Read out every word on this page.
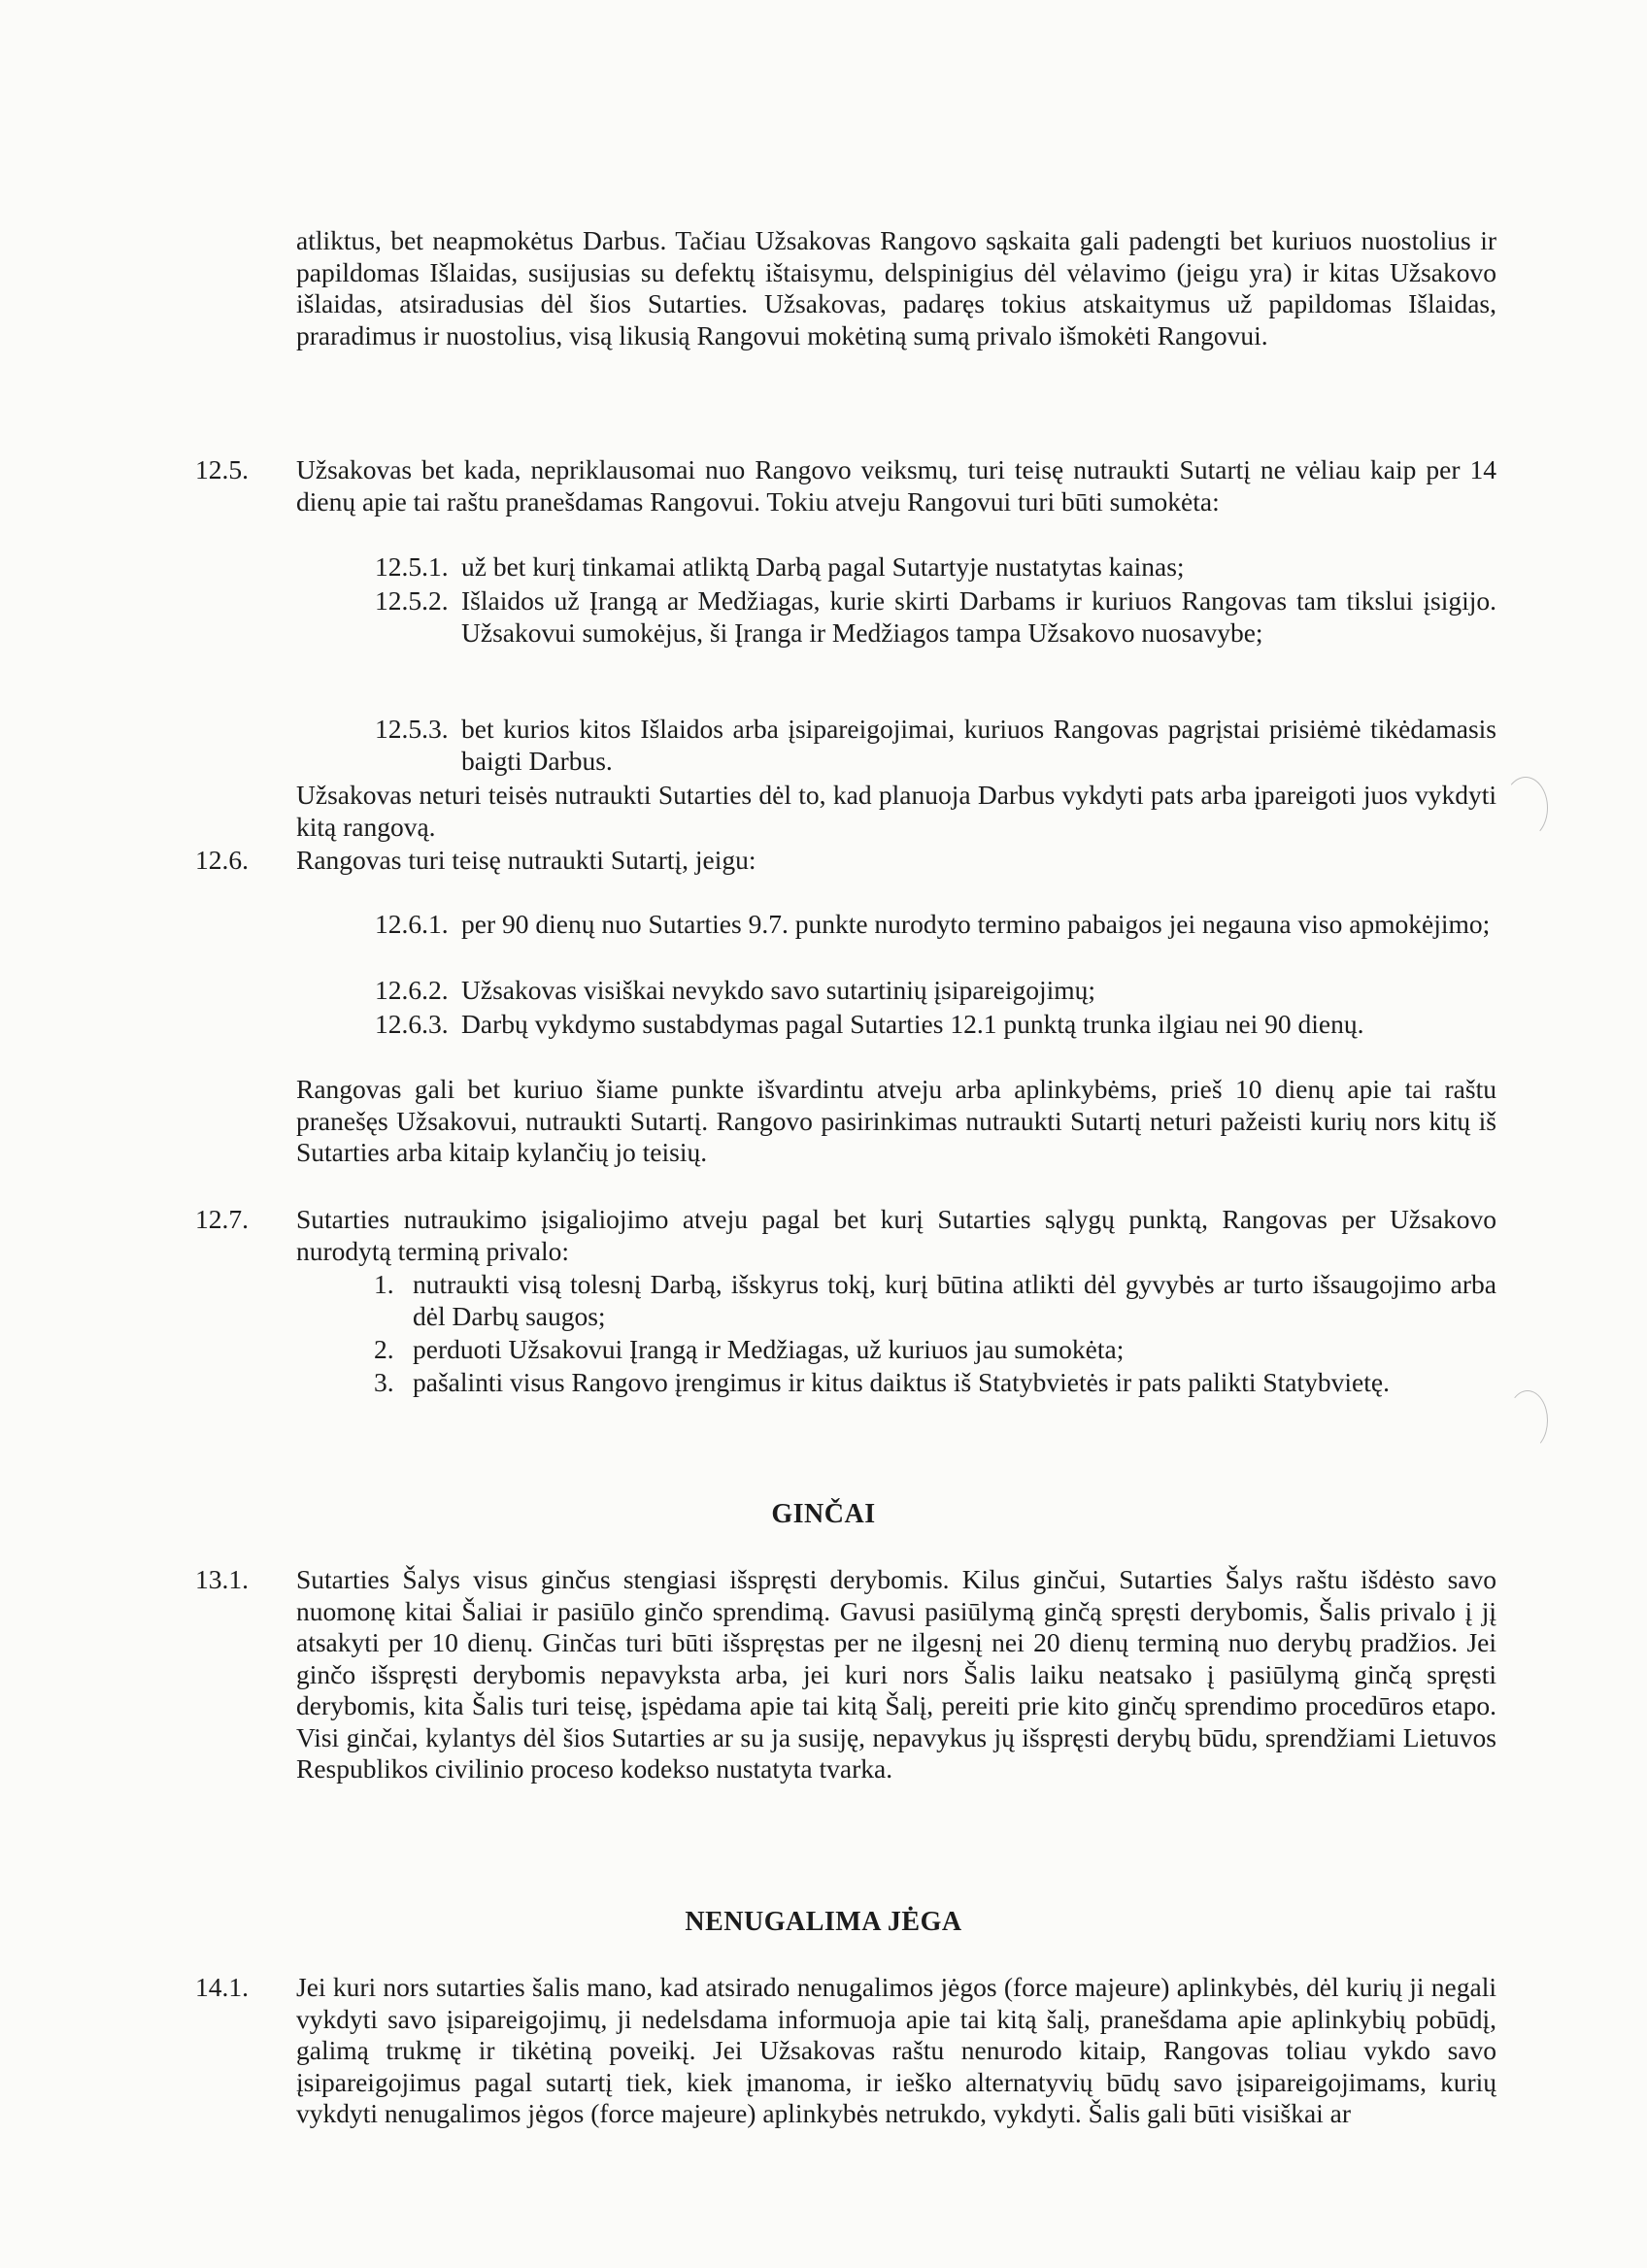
atliktus, bet neapmokėtus Darbus. Tačiau Užsakovas Rangovo sąskaita gali padengti bet kuriuos nuostolius ir papildomas Išlaidas, susijusias su defektų ištaisymu, delspinigius dėl vėlavimo (jeigu yra) ir kitas Užsakovo išlaidas, atsiradusias dėl šios Sutarties. Užsakovas, padaręs tokius atskaitymus už papildomas Išlaidas, praradimus ir nuostolius, visą likusią Rangovui mokėtiną sumą privalo išmokėti Rangovui.

12.5. Užsakovas bet kada, nepriklausomai nuo Rangovo veiksmų, turi teisę nutraukti Sutartį ne vėliau kaip per 14 dienų apie tai raštu pranešdamas Rangovui. Tokiu atveju Rangovui turi būti sumokėta:

12.5.1. už bet kurį tinkamai atliktą Darbą pagal Sutartyje nustatytas kainas;

12.5.2. Išlaidos už Įrangą ar Medžiagas, kurie skirti Darbams ir kuriuos Rangovas tam tikslui įsigijo. Užsakovui sumokėjus, ši Įranga ir Medžiagos tampa Užsakovo nuosavybe;

12.5.3. bet kurios kitos Išlaidos arba įsipareigojimai, kuriuos Rangovas pagrįstai prisiėmė tikėdamasis baigti Darbus.

Užsakovas neturi teisės nutraukti Sutarties dėl to, kad planuoja Darbus vykdyti pats arba įpareigoti juos vykdyti kitą rangovą.

12.6. Rangovas turi teisę nutraukti Sutartį, jeigu:

12.6.1. per 90 dienų nuo Sutarties 9.7. punkte nurodyto termino pabaigos jei negauna viso apmokėjimo;

12.6.2. Užsakovas visiškai nevykdo savo sutartinių įsipareigojimų;

12.6.3. Darbų vykdymo sustabdymas pagal Sutarties 12.1 punktą trunka ilgiau nei 90 dienų.

Rangovas gali bet kuriuo šiame punkte išvardintu atveju arba aplinkybėms, prieš 10 dienų apie tai raštu pranešęs Užsakovui, nutraukti Sutartį. Rangovo pasirinkimas nutraukti Sutartį neturi pažeisti kurių nors kitų iš Sutarties arba kitaip kylančių jo teisių.

12.7. Sutarties nutraukimo įsigaliojimo atveju pagal bet kurį Sutarties sąlygų punktą, Rangovas per Užsakovo nurodytą terminą privalo:

1. nutraukti visą tolesnį Darbą, išskyrus tokį, kurį būtina atlikti dėl gyvybės ar turto išsaugojimo arba dėl Darbų saugos;

2. perduoti Užsakovui Įrangą ir Medžiagas, už kuriuos jau sumokėta;

3. pašalinti visus Rangovo įrengimus ir kitus daiktus iš Statybvietės ir pats palikti Statybvietę.

GINČAI
13.1. Sutarties Šalys visus ginčus stengiasi išspręsti derybomis. Kilus ginčui, Sutarties Šalys raštu išdėsto savo nuomonę kitai Šaliai ir pasiūlo ginčo sprendimą. Gavusi pasiūlymą ginčą spręsti derybomis, Šalis privalo į jį atsakyti per 10 dienų. Ginčas turi būti išspręstas per ne ilgesnį nei 20 dienų terminą nuo derybų pradžios. Jei ginčo išspręsti derybomis nepavyksta arba, jei kuri nors Šalis laiku neatsako į pasiūlymą ginčą spręsti derybomis, kita Šalis turi teisę, įspėdama apie tai kitą Šalį, pereiti prie kito ginčų sprendimo procedūros etapo. Visi ginčai, kylantys dėl šios Sutarties ar su ja susiję, nepavykus jų išspręsti derybų būdu, sprendžiami Lietuvos Respublikos civilinio proceso kodekso nustatyta tvarka.

NENUGALIMA JĖGA
14.1. Jei kuri nors sutarties šalis mano, kad atsirado nenugalimos jėgos (force majeure) aplinkybės, dėl kurių ji negali vykdyti savo įsipareigojimų, ji nedelsdama informuoja apie tai kitą šalį, pranešdama apie aplinkybių pobūdį, galimą trukmę ir tikėtiną poveikį. Jei Užsakovas raštu nenurodo kitaip, Rangovas toliau vykdo savo įsipareigojimus pagal sutartį tiek, kiek įmanoma, ir ieško alternatyvių būdų savo įsipareigojimams, kurių vykdyti nenugalimos jėgos (force majeure) aplinkybės netrukdo, vykdyti. Šalis gali būti visiškai ar
